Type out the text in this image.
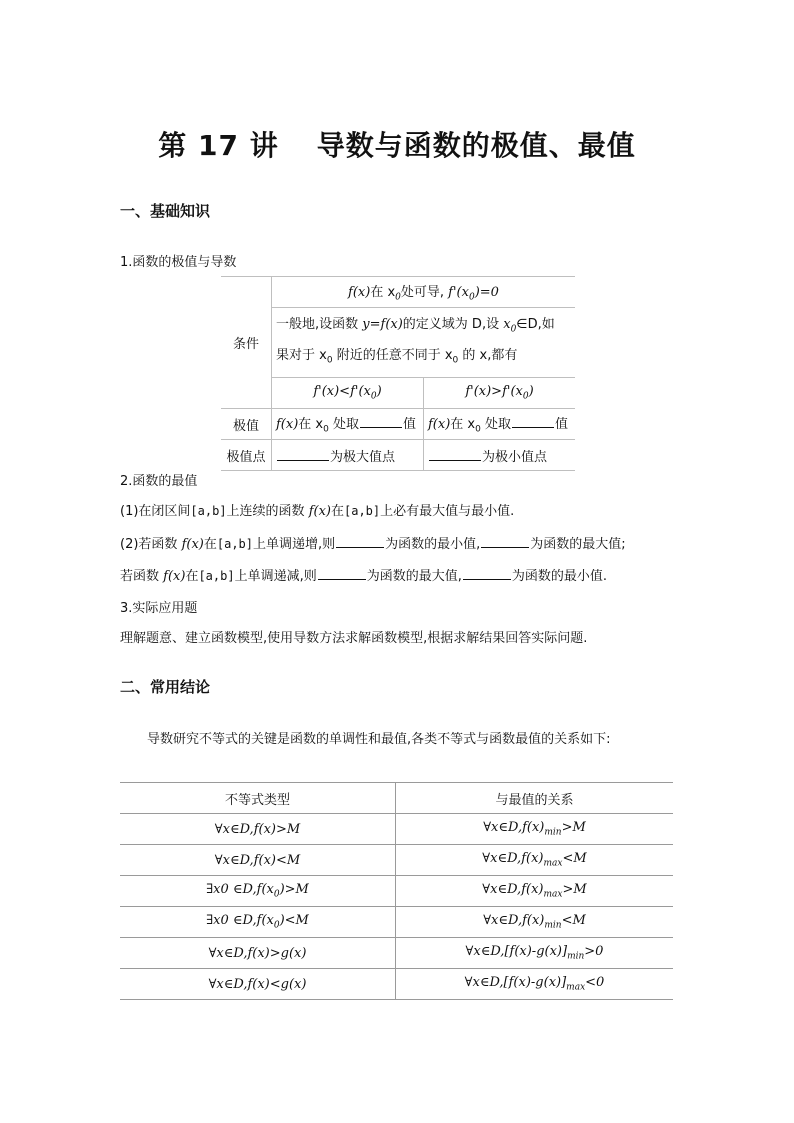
第 17 讲 导数与函数的极值、最值
一、基础知识
1.函数的极值与导数
条件	f(x)在 $x_0$处可导, $f'(x_0)=0$	

	一般地,设函数 y=f(x)的定义域为 D,设 $x_0\in D$,如
果对于 $x_0$ 附近的任意不同于 $x_0$ 的 x,都有	

	$f'(x)<f'(x_0)$	$f'(x)>f'(x_0)$
极值	f(x)在 $x_0$ 处取 值	f(x)在 $x_0$ 处取 值
极值点	为极大值点	为极小值点
2.函数的最值
(1)在闭区间[a,b]上连续的函数 f(x)在[a,b]上必有最大值与最小值.
(2)若函数 f(x)在[a,b]上单调递增,则	为函数的最小值,	为函数的最大值;
若函数 f(x)在[a,b]上单调递减,则	为函数的最大值,	为函数的最小值.
3.实际应用题
理解题意、建立函数模型,使用导数方法求解函数模型,根据求解结果回答实际问题.
二、常用结论
导数研究不等式的关键是函数的单调性和最值,各类不等式与函数最值的关系如下:
不等式类型	与最值的关系
∀x∈D,f(x)>M	$\forall x\in D,f(x)_{min}>M$
∀x∈D,f(x)<M	$\forall x\in D,f(x)_{max}<M$
∃x0 $\in D,f(x_0)>M$	$\forall x\in D,f(x)_{max}>M$
∃x0 $\in D,f(x_0)<M$	$\forall x\in D,f(x)_{min}<M$
∀x∈D,f(x)>g(x)	$\forall x\in D,[f(x)-g(x)]_{min}>0$
∀x∈D,f(x)<g(x)	$\forall x\in D,[f(x)-g(x)]_{max}<0$
